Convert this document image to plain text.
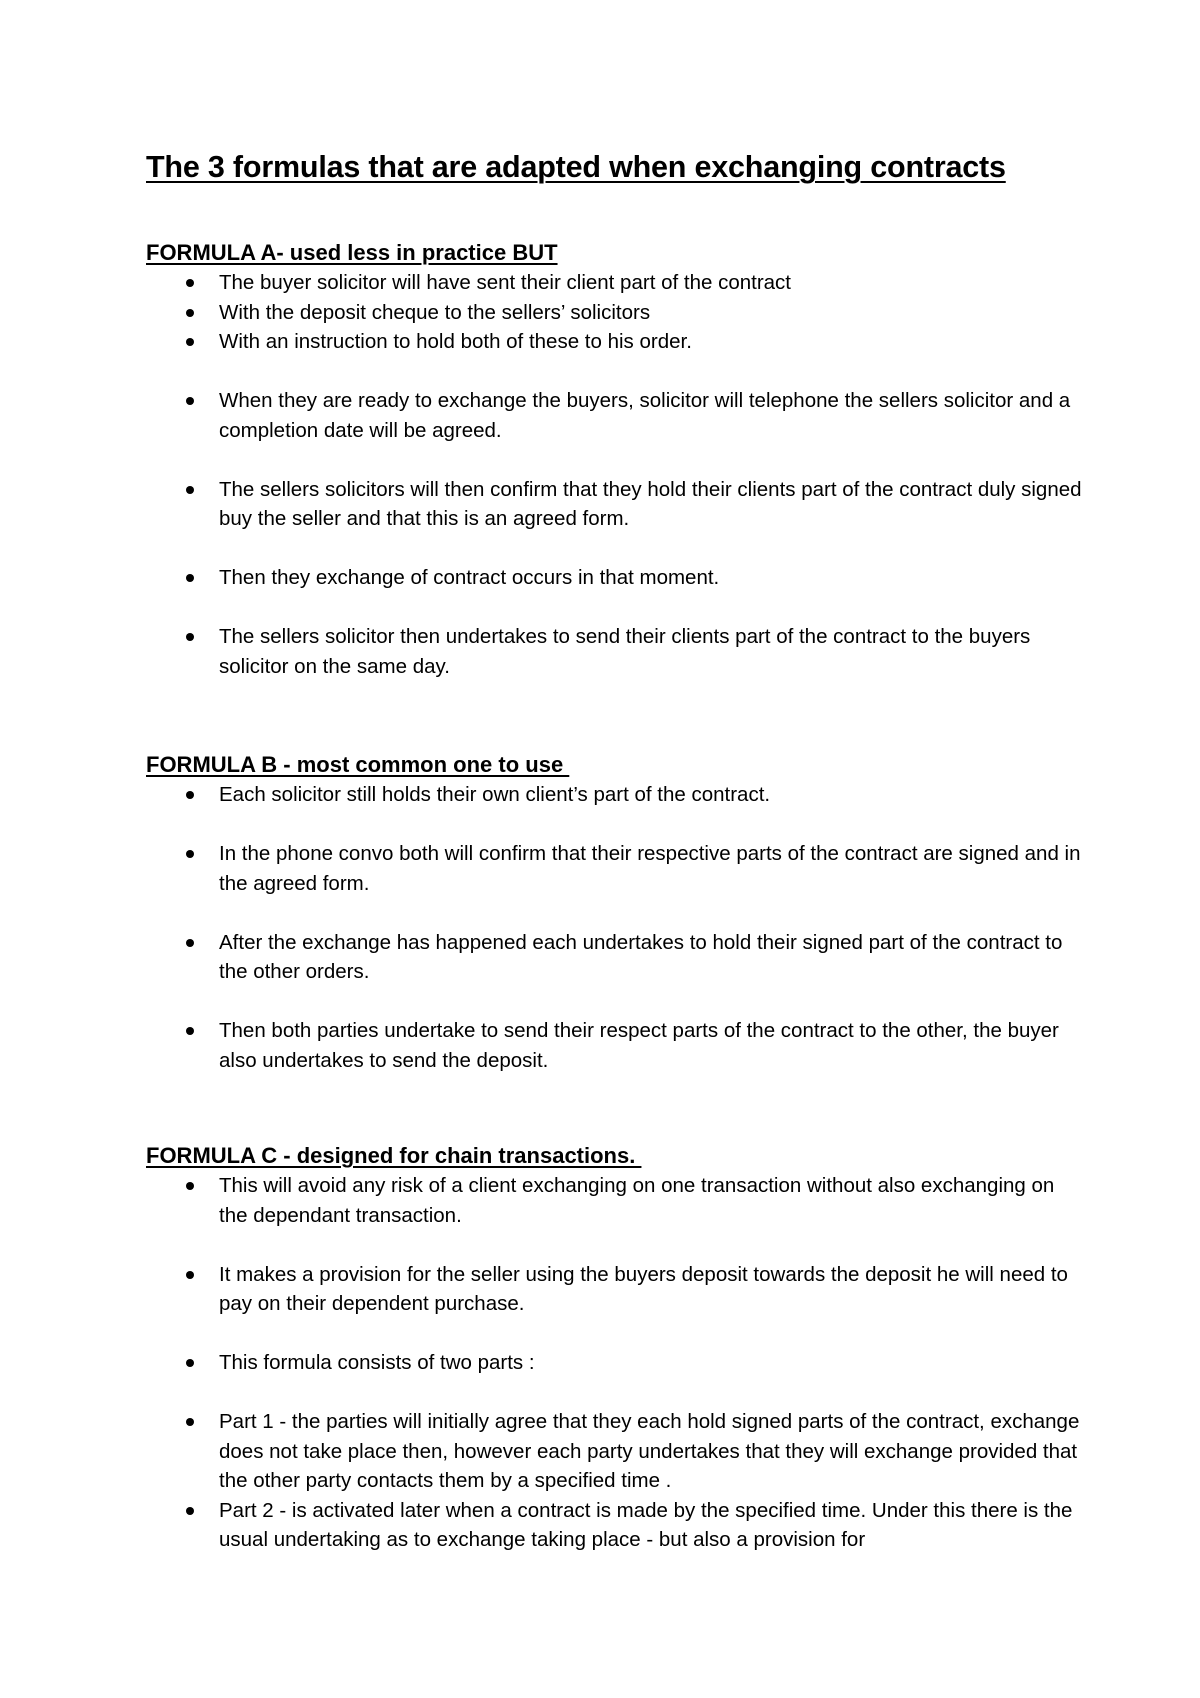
The 3 formulas that are adapted when exchanging contracts
FORMULA A- used less in practice BUT
The buyer solicitor will have sent their client part of the contract
With the deposit cheque to the sellers’ solicitors
With an instruction to hold both of these to his order.
When they are ready to exchange the buyers, solicitor will telephone the sellers solicitor and a completion date will be agreed.
The sellers solicitors will then confirm that they hold their clients part of the contract duly signed buy the seller and that this is an agreed form.
Then they exchange of contract occurs in that moment.
The sellers solicitor then undertakes to send their clients part of the contract to the buyers solicitor on the same day.
FORMULA B - most common one to use
Each solicitor still holds their own client’s part of the contract.
In the phone convo both will confirm that their respective parts of the contract are signed and in the agreed form.
After the exchange has happened each undertakes to hold their signed part of the contract to the other orders.
Then both parties undertake to send their respect parts of the contract to the other, the buyer also undertakes to send the deposit.
FORMULA C - designed for chain transactions.
This will avoid any risk of a client exchanging on one transaction without also exchanging on the dependant transaction.
It makes a provision for the seller using the buyers deposit towards the deposit he will need to pay on their dependent purchase.
This formula consists of two parts :
Part 1 - the parties will initially agree that they each hold signed parts of the contract, exchange does not take place then, however each party undertakes that they will exchange provided that the other party contacts them by a specified time .
Part 2 - is activated later when a contract is made by the specified time. Under this there is the usual undertaking as to exchange taking place - but also a provision for
